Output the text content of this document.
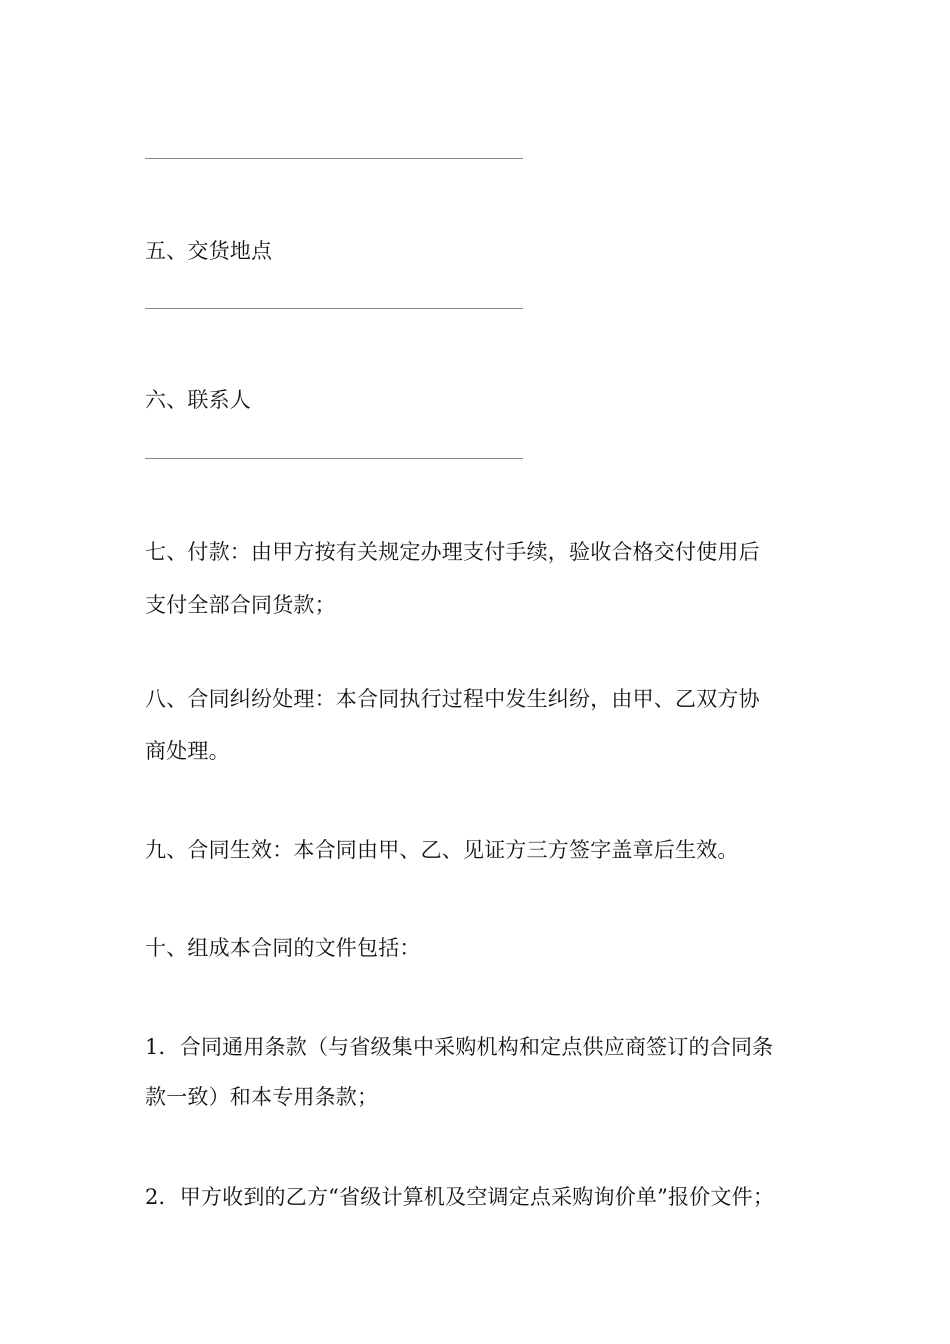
五、交货地点
六、联系人
七、付款：由甲方按有关规定办理支付手续，验收合格交付使用后
支付全部合同货款；
八、合同纠纷处理：本合同执行过程中发生纠纷，由甲、乙双方协
商处理。
九、合同生效：本合同由甲、乙、见证方三方签字盖章后生效。
十、组成本合同的文件包括：
1．合同通用条款（与省级集中采购机构和定点供应商签订的合同条
款一致）和本专用条款；
2．甲方收到的乙方“省级计算机及空调定点采购询价单”报价文件；
